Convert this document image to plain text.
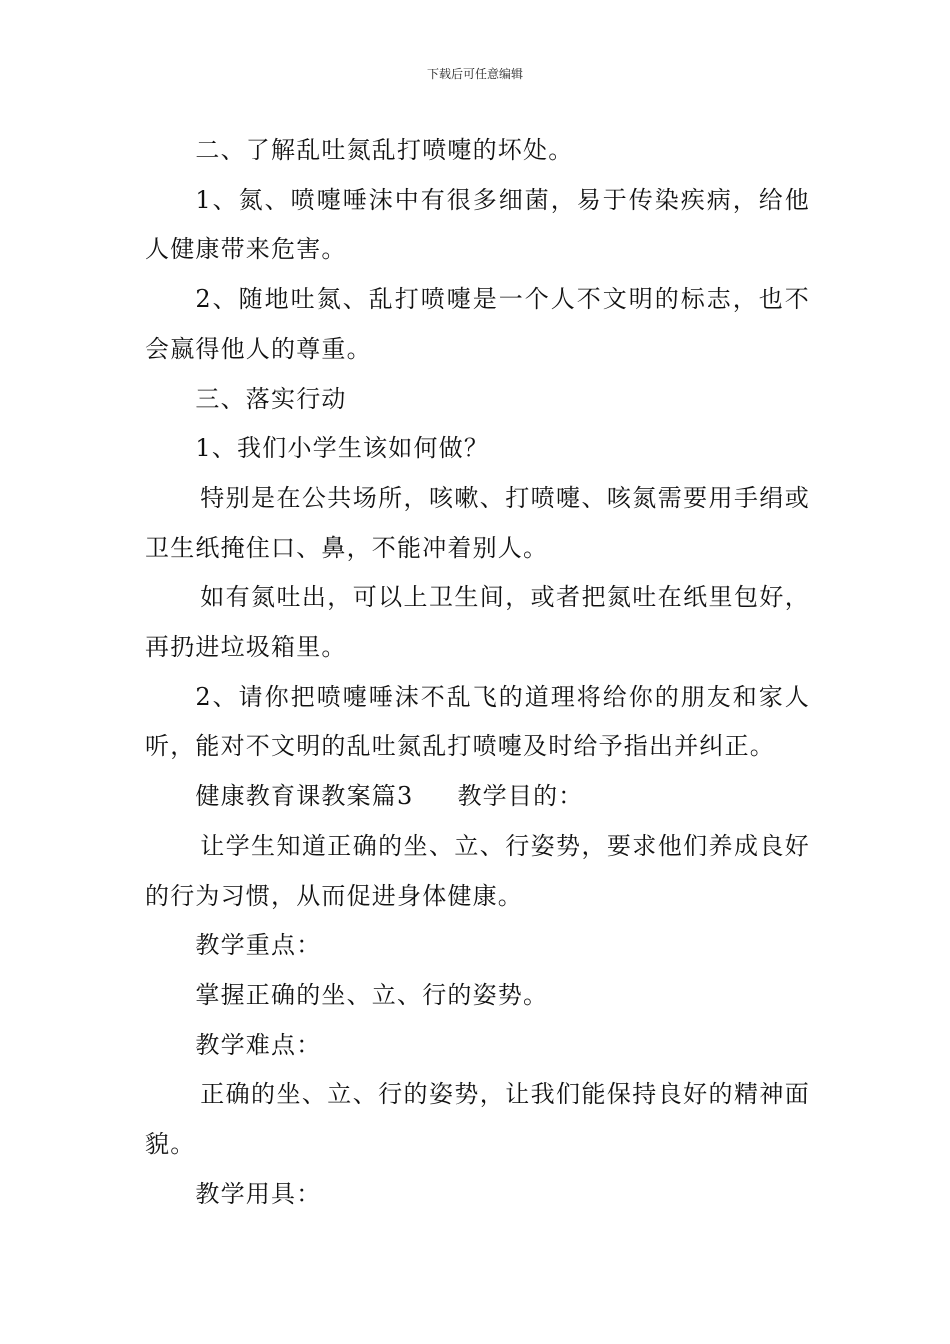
下载后可任意编辑

二、了解乱吐氮乱打喷嚏的坏处。

1、氮、喷嚏唾沫中有很多细菌，易于传染疾病，给他人健康带来危害。

2、随地吐氮、乱打喷嚏是一个人不文明的标志，也不会嬴得他人的尊重。

三、落实行动

1、我们小学生该如何做？

特别是在公共场所，咳嗽、打喷嚏、咳氮需要用手绢或卫生纸掩住口、鼻，不能冲着别人。

如有氮吐出，可以上卫生间，或者把氮吐在纸里包好，再扔进垃圾箱里。

2、请你把喷嚏唾沫不乱飞的道理将给你的朋友和家人听，能对不文明的乱吐氮乱打喷嚏及时给予指出并纠正。

健康教育课教案篇3 教学目的：

让学生知道正确的坐、立、行姿势，要求他们养成良好的行为习惯，从而促进身体健康。

教学重点：

掌握正确的坐、立、行的姿势。

教学难点：

正确的坐、立、行的姿势，让我们能保持良好的精神面貌。

教学用具：
